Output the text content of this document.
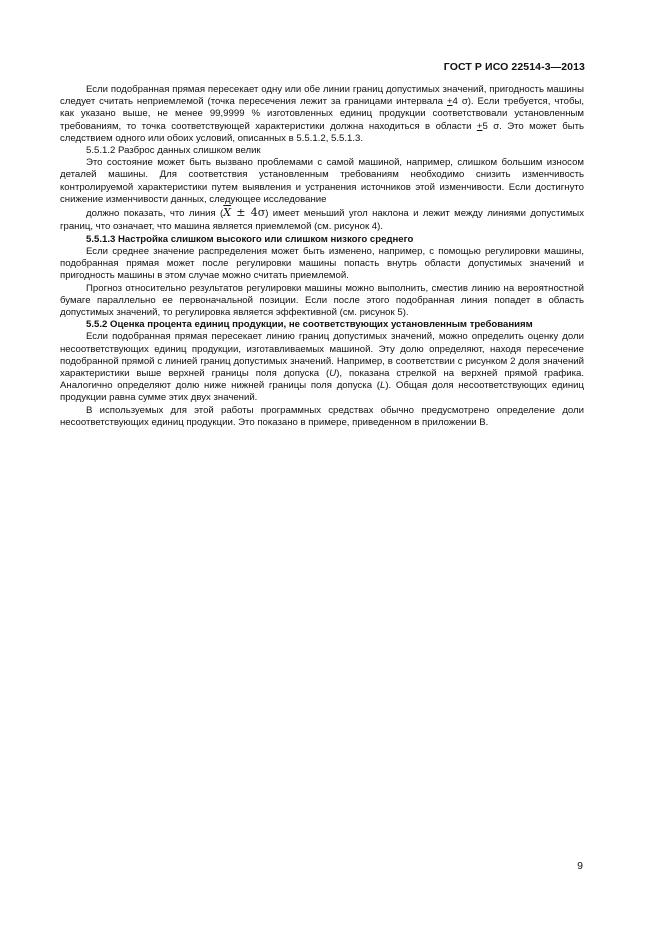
ГОСТ Р ИСО 22514-3—2013

Если подобранная прямая пересекает одну или обе линии границ допустимых значений, пригодность машины следует считать неприемлемой (точка пересечения лежит за границами интервала +4 σ). Если требуется, чтобы, как указано выше, не менее 99,9999 % изготовленных единиц продукции соответствовали установленным требованиям, то точка соответствующей характеристики должна находиться в области +5 σ. Это может быть следствием одного или обоих условий, описанных в 5.5.1.2, 5.5.1.3.

5.5.1.2 Разброс данных слишком велик

Это состояние может быть вызвано проблемами с самой машиной, например, слишком большим износом деталей машины. Для соответствия установленным требованиям необходимо снизить изменчивость контролируемой характеристики путем выявления и устранения источников этой изменчивости. Если достигнуто снижение изменчивости данных, следующее исследование

должно показать, что линия $(\overline{X} \pm 4\sigma)$ имеет меньший угол наклона и лежит между линиями допустимых границ, что означает, что машина является приемлемой (см. рисунок 4).

5.5.1.3 Настройка слишком высокого или слишком низкого среднего

Если среднее значение распределения может быть изменено, например, с помощью регулировки машины, подобранная прямая может после регулировки машины попасть внутрь области допустимых значений и пригодность машины в этом случае можно считать приемлемой.

Прогноз относительно результатов регулировки машины можно выполнить, сместив линию на вероятностной бумаге параллельно ее первоначальной позиции. Если после этого подобранная линия попадет в область допустимых значений, то регулировка является эффективной (см. рисунок 5).

5.5.2 Оценка процента единиц продукции, не соответствующих установленным требованиям

Если подобранная прямая пересекает линию границ допустимых значений, можно определить оценку доли несоответствующих единиц продукции, изготавливаемых машиной. Эту долю определяют, находя пересечение подобранной прямой с линией границ допустимых значений. Например, в соответствии с рисунком 2 доля значений характеристики выше верхней границы поля допуска (U), показана стрелкой на верхней прямой графика. Аналогично определяют долю ниже нижней границы поля допуска (L). Общая доля несоответствующих единиц продукции равна сумме этих двух значений.

В используемых для этой работы программных средствах обычно предусмотрено определение доли несоответствующих единиц продукции. Это показано в примере, приведенном в приложении В.

9
